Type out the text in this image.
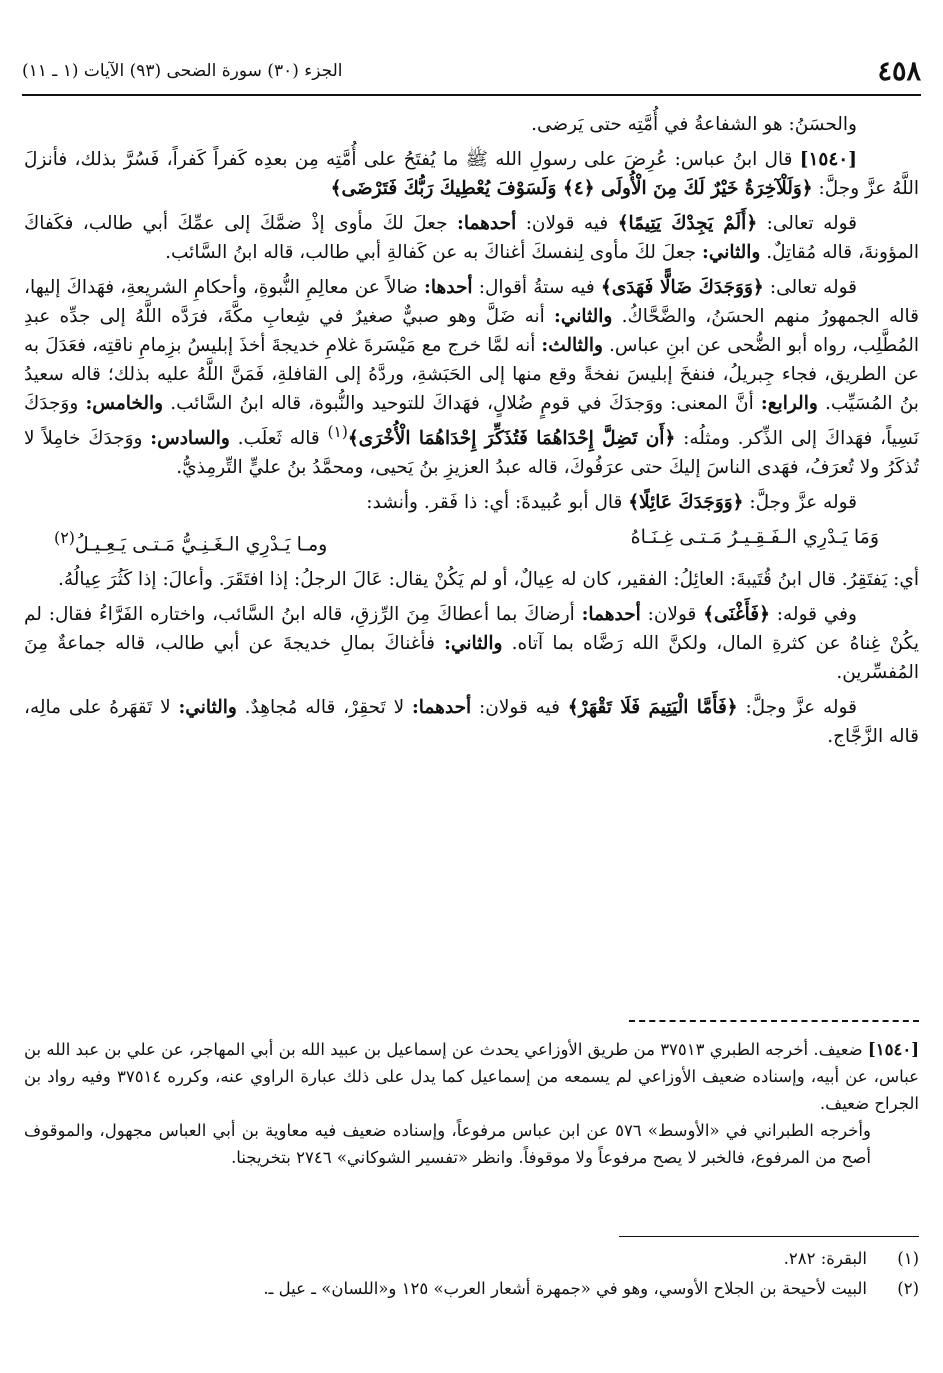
٤٥٨
الجزء (٣٠) سورة الضحى (٩٣) الآيات (١ ـ ١١)

والحسَنُ: هو الشفاعةُ في أُمَّتِه حتى يَرضى.

[١٥٤٠] قال ابنُ عباس: عُرِضَ على رسولِ الله ﷺ ما يُفتَحُ على أُمَّتِه مِن بعدِه كَفراً كَفراً، فَسُرَّ بذلك، فأنزلَ اللَّهُ عزَّ وجلَّ: ﴿وَلَلْآخِرَةُ خَيْرٌ لَكَ مِنَ الْأُولَى ﴿٤﴾ وَلَسَوْفَ يُعْطِيكَ رَبُّكَ فَتَرْضَى﴾

قوله تعالى: ﴿أَلَمْ يَجِدْكَ يَتِيمًا﴾ فيه قولان: أحدهما: جعلَ لكَ مأوى إذْ ضمَّكَ إلى عمِّكَ أبي طالب، فكَفاكَ المؤونةَ، قاله مُقاتِلٌ. والثاني: جعلَ لكَ مأوى لِنفسكَ أغناكَ به عن كَفالةِ أبي طالب، قاله ابنُ السَّائب.

قوله تعالى: ﴿وَوَجَدَكَ ضَالًّا فَهَدَى﴾ فيه ستةُ أقوال: أحدها: ضالاً عن معالِمِ النُّبوةِ، وأحكامِ الشريعةِ، فهَداكَ إليها، قاله الجمهورُ منهم الحسَنُ، والضَّحَّاكُ. والثاني: أنه ضَلَّ وهو صبيٌّ صغيرٌ في شِعابِ مكَّةَ، فرَدَّه اللَّهُ إلى جدِّه عبدِ المُطَّلِب، رواه أبو الضُّحى عن ابنِ عباس. والثالث: أنه لمَّا خرج مع مَيْسَرةَ غلامِ خديجةَ أخذَ إبليسُ بزِمامِ ناقتِه، فعَدَلَ به عن الطريق، فجاء جِبريلُ، فنفخَ إبليسَ نفخةً وقع منها إلى الحَبَشةِ، وردَّهُ إلى القافلةِ، فَمَنَّ اللَّهُ عليه بذلك؛ قاله سعيدُ بنُ المُسَيِّب. والرابع: أنَّ المعنى: ووَجدَكَ في قومٍ ضُلالٍ، فهَداكَ للتوحيد والنُّبوة، قاله ابنُ السَّائب. والخامس: ووَجدَكَ نَسِياً، فهَداكَ إلى الذِّكر. ومثلُه: ﴿أَن تَضِلَّ إِحْدَاهُمَا فَتُذَكِّرَ إِحْدَاهُمَا الْأُخْرَى﴾$^{(١)}$ قاله ثَعلَب. والسادس: ووَجدَكَ خامِلاً لا تُذكَرُ ولا تُعرَفُ، فهَدى الناسَ إليكَ حتى عرَفُوكَ، قاله عبدُ العزيزِ بنُ يَحيى، ومحمَّدُ بنُ عليٍّ التِّرمِذيُّ.

قوله عزَّ وجلَّ: ﴿وَوَجَدَكَ عَائِلًا﴾ قال أبو عُبيدةَ: أي: ذا فَقر. وأنشد:

وَمَا يَـدْرِي الـفَـقِـيـرُ مَـتـى غِـنَـاهُ
ومـا يَـدْرِي الـغَـنِـيُّ مَـتـى يَـعِـيـلُ$^{(٢)}$

أي: يَفتَقِرُ. قال ابنُ قُتَيبةَ: العائِلُ: الفقير، كان له عِيالٌ، أو لم يَكُنْ يقال: عَالَ الرجلُ: إذا افتَقَرَ. وأعالَ: إذا كَثُرَ عِيالُهُ.

وفي قوله: ﴿فَأَغْنَى﴾ قولان: أحدهما: أرضاكَ بما أعطاكَ مِنَ الرِّزقِ، قاله ابنُ السَّائب، واختاره الفَرَّاءُ فقال: لم يكُنْ غِناهُ عن كثرةِ المال، ولكنَّ الله رَضَّاه بما آتاه. والثاني: فأغناكَ بمالِ خديجةَ عن أبي طالب، قاله جماعةٌ مِنَ المُفسِّرين.

قوله عزَّ وجلَّ: ﴿فَأَمَّا الْيَتِيمَ فَلَا تَقْهَرْ﴾ فيه قولان: أحدهما: لا تَحقِرْ، قاله مُجاهِدٌ. والثاني: لا تَقهَرهُ على مالِه، قاله الزَّجَّاج.

[١٥٤٠] ضعيف. أخرجه الطبري ٣٧٥١٣ من طريق الأوزاعي يحدث عن إسماعيل بن عبيد الله بن أبي المهاجر، عن علي بن عبد الله بن عباس، عن أبيه، وإسناده ضعيف الأوزاعي لم يسمعه من إسماعيل كما يدل على ذلك عبارة الراوي عنه، وكرره ٣٧٥١٤ وفيه رواد بن الجراح ضعيف.

وأخرجه الطبراني في «الأوسط» ٥٧٦ عن ابن عباس مرفوعاً، وإسناده ضعيف فيه معاوية بن أبي العباس مجهول، والموقوف أصح من المرفوع، فالخبر لا يصح مرفوعاً ولا موقوفاً. وانظر «تفسير الشوكاني» ٢٧٤٦ بتخريجنا.

(١)
البقرة: ٢٨٢.
(٢)
البيت لأحيحة بن الجلاح الأوسي، وهو في «جمهرة أشعار العرب» ١٢٥ و«اللسان» ـ عيل ـ.
